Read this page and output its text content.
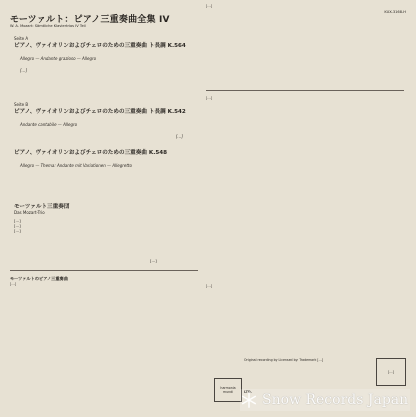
KUX-3168-H
モーツァルト：ピアノ三重奏曲全集 IV
W. A. Mozart: Sämtliche Klaviertrios IV Teil
Seite A
ピアノ、ヴァイオリンおよびチェロのための三重奏曲 ト長調 K.564
Allegro — Andante grazioso — Allegro
[…]
Seite B
ピアノ、ヴァイオリンおよびチェロのための三重奏曲 ト長調 K.542
Andante cantabile — Allegro
[…]
ピアノ、ヴァイオリンおよびチェロのための三重奏曲 K.548
Allegro — Thema: Andante mit Variationen — Allegretto
モーツァルト三重奏団
Das Mozart-Trio
[…]
[…]
[…]
[…]
モーツァルトのピアノ三重奏曲
[…]
[…]
[…]
[…]
harmonia
mundi
Original recording by Licensed by: Trademark […]
LTD.
[…]
Snow Records Japan
